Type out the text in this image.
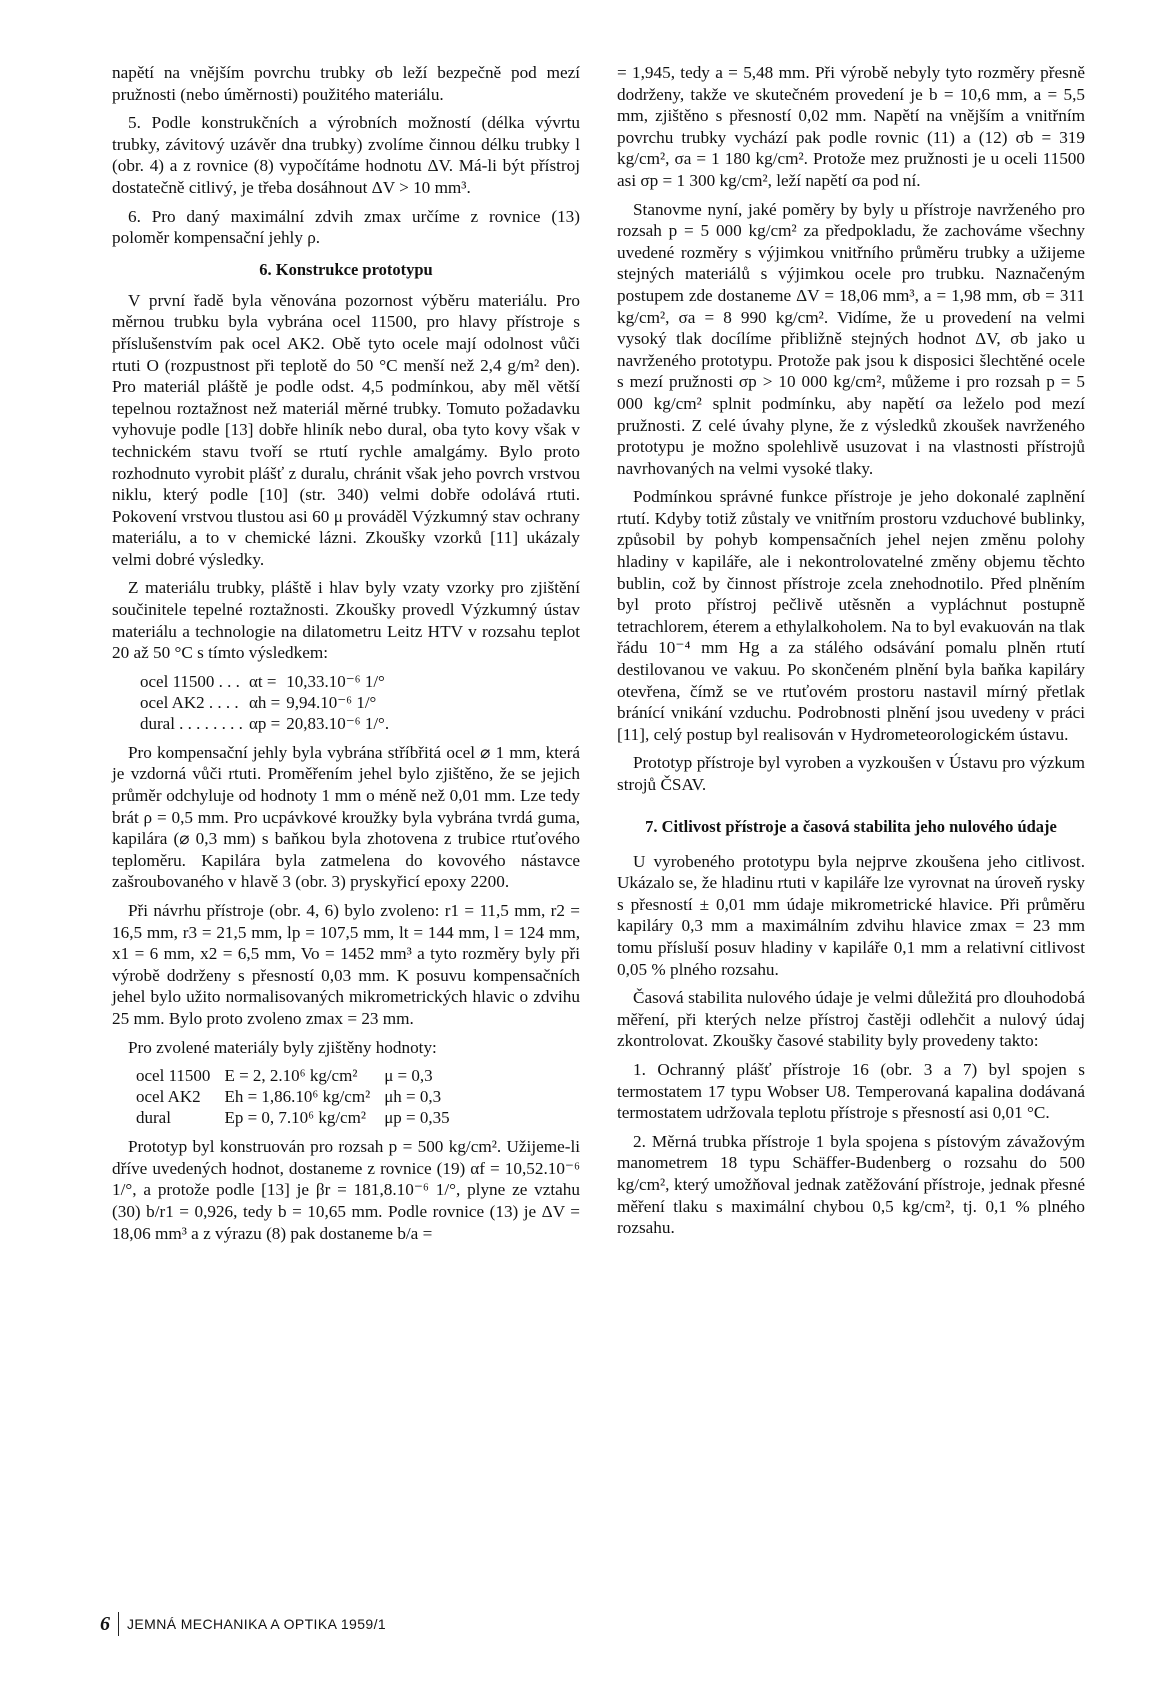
napětí na vnějším povrchu trubky σb leží bezpečně pod mezí pružnosti (nebo úměrnosti) použitého materiálu.

5. Podle konstrukčních a výrobních možností (délka vývrtu trubky, závitový uzávěr dna trubky) zvolíme činnou délku trubky l (obr. 4) a z rovnice (8) vypočítáme hodnotu ΔV. Má-li být přístroj dostatečně citlivý, je třeba dosáhnout ΔV > 10 mm³.

6. Pro daný maximální zdvih zmax určíme z rovnice (13) poloměr kompensační jehly ρ.

6. Konstrukce prototypu

V první řadě byla věnována pozornost výběru materiálu. Pro měrnou trubku byla vybrána ocel 11500, pro hlavy přístroje s příslušenstvím pak ocel AK2. Obě tyto ocele mají odolnost vůči rtuti O (rozpustnost při teplotě do 50 °C menší než 2,4 g/m² den). Pro materiál pláště je podle odst. 4,5 podmínkou, aby měl větší tepelnou roztažnost než materiál měrné trubky. Tomuto požadavku vyhovuje podle [13] dobře hliník nebo dural, oba tyto kovy však v technickém stavu tvoří se rtutí rychle amalgámy. Bylo proto rozhodnuto vyrobit plášť z duralu, chránit však jeho povrch vrstvou niklu, který podle [10] (str. 340) velmi dobře odolává rtuti. Pokovení vrstvou tlustou asi 60 μ prováděl Výzkumný stav ochrany materiálu, a to v chemické lázni. Zkoušky vzorků [11] ukázaly velmi dobré výsledky.

Z materiálu trubky, pláště i hlav byly vzaty vzorky pro zjištění součinitele tepelné roztažnosti. Zkoušky provedl Výzkumný ústav materiálu a technologie na dilatometru Leitz HTV v rozsahu teplot 20 až 50 °C s tímto výsledkem:

ocel 11500 . . .	αt =	10,33.10⁻⁶ 1/°
ocel AK2 . . . .	αh =	9,94.10⁻⁶ 1/°
dural . . . . . . . .	αp =	20,83.10⁻⁶ 1/°.

Pro kompensační jehly byla vybrána stříbřitá ocel ⌀ 1 mm, která je vzdorná vůči rtuti. Proměřením jehel bylo zjištěno, že se jejich průměr odchyluje od hodnoty 1 mm o méně než 0,01 mm. Lze tedy brát ρ = 0,5 mm. Pro ucpávkové kroužky byla vybrána tvrdá guma, kapilára (⌀ 0,3 mm) s baňkou byla zhotovena z trubice rtuťového teploměru. Kapilára byla zatmelena do kovového nástavce zašroubovaného v hlavě 3 (obr. 3) pryskyřicí epoxy 2200.

Při návrhu přístroje (obr. 4, 6) bylo zvoleno: r1 = 11,5 mm, r2 = 16,5 mm, r3 = 21,5 mm, lp = 107,5 mm, lt = 144 mm, l = 124 mm, x1 = 6 mm, x2 = 6,5 mm, Vo = 1452 mm³ a tyto rozměry byly při výrobě dodrženy s přesností 0,03 mm. K posuvu kompensačních jehel bylo užito normalisovaných mikrometrických hlavic o zdvihu 25 mm. Bylo proto zvoleno zmax = 23 mm.

Pro zvolené materiály byly zjištěny hodnoty:

ocel 11500	E = 2, 2.10⁶ kg/cm²	μ = 0,3
ocel AK2	Eh = 1,86.10⁶ kg/cm²	μh = 0,3
dural	Ep = 0, 7.10⁶ kg/cm²	μp = 0,35

Prototyp byl konstruován pro rozsah p = 500 kg/cm². Užijeme-li dříve uvedených hodnot, dostaneme z rovnice (19) αf = 10,52.10⁻⁶ 1/°, a protože podle [13] je βr = 181,8.10⁻⁶ 1/°, plyne ze vztahu (30) b/r1 = 0,926, tedy b = 10,65 mm. Podle rovnice (13) je ΔV = 18,06 mm³ a z výrazu (8) pak dostaneme b/a =

= 1,945, tedy a = 5,48 mm. Při výrobě nebyly tyto rozměry přesně dodrženy, takže ve skutečném provedení je b = 10,6 mm, a = 5,5 mm, zjištěno s přesností 0,02 mm. Napětí na vnějším a vnitřním povrchu trubky vychází pak podle rovnic (11) a (12) σb = 319 kg/cm², σa = 1 180 kg/cm². Protože mez pružnosti je u oceli 11500 asi σp = 1 300 kg/cm², leží napětí σa pod ní.

Stanovme nyní, jaké poměry by byly u přístroje navrženého pro rozsah p = 5 000 kg/cm² za předpokladu, že zachováme všechny uvedené rozměry s výjimkou vnitřního průměru trubky a užijeme stejných materiálů s výjimkou ocele pro trubku. Naznačeným postupem zde dostaneme ΔV = 18,06 mm³, a = 1,98 mm, σb = 311 kg/cm², σa = 8 990 kg/cm². Vidíme, že u provedení na velmi vysoký tlak docílíme přibližně stejných hodnot ΔV, σb jako u navrženého prototypu. Protože pak jsou k disposici šlechtěné ocele s mezí pružnosti σp > 10 000 kg/cm², můžeme i pro rozsah p = 5 000 kg/cm² splnit podmínku, aby napětí σa leželo pod mezí pružnosti. Z celé úvahy plyne, že z výsledků zkoušek navrženého prototypu je možno spolehlivě usuzovat i na vlastnosti přístrojů navrhovaných na velmi vysoké tlaky.

Podmínkou správné funkce přístroje je jeho dokonalé zaplnění rtutí. Kdyby totiž zůstaly ve vnitřním prostoru vzduchové bublinky, způsobil by pohyb kompensačních jehel nejen změnu polohy hladiny v kapiláře, ale i nekontrolovatelné změny objemu těchto bublin, což by činnost přístroje zcela znehodnotilo. Před plněním byl proto přístroj pečlivě utěsněn a vypláchnut postupně tetrachlorem, éterem a ethylalkoholem. Na to byl evakuován na tlak řádu 10⁻⁴ mm Hg a za stálého odsávání pomalu plněn rtutí destilovanou ve vakuu. Po skončeném plnění byla baňka kapiláry otevřena, čímž se ve rtuťovém prostoru nastavil mírný přetlak bránící vnikání vzduchu. Podrobnosti plnění jsou uvedeny v práci [11], celý postup byl realisován v Hydrometeorologickém ústavu.

Prototyp přístroje byl vyroben a vyzkoušen v Ústavu pro výzkum strojů ČSAV.

7. Citlivost přístroje a časová stabilita jeho nulového údaje

U vyrobeného prototypu byla nejprve zkoušena jeho citlivost. Ukázalo se, že hladinu rtuti v kapiláře lze vyrovnat na úroveň rysky s přesností ± 0,01 mm údaje mikrometrické hlavice. Při průměru kapiláry 0,3 mm a maximálním zdvihu hlavice zmax = 23 mm tomu přísluší posuv hladiny v kapiláře 0,1 mm a relativní citlivost 0,05 % plného rozsahu.

Časová stabilita nulového údaje je velmi důležitá pro dlouhodobá měření, při kterých nelze přístroj častěji odlehčit a nulový údaj zkontrolovat. Zkoušky časové stability byly provedeny takto:

1. Ochranný plášť přístroje 16 (obr. 3 a 7) byl spojen s termostatem 17 typu Wobser U8. Temperovaná kapalina dodávaná termostatem udržovala teplotu přístroje s přesností asi 0,01 °C.

2. Měrná trubka přístroje 1 byla spojena s pístovým závažovým manometrem 18 typu Schäffer-Budenberg o rozsahu do 500 kg/cm², který umožňoval jednak zatěžování přístroje, jednak přesné měření tlaku s maximální chybou 0,5 kg/cm², tj. 0,1 % plného rozsahu.

6 JEMNÁ MECHANIKA A OPTIKA 1959/1
